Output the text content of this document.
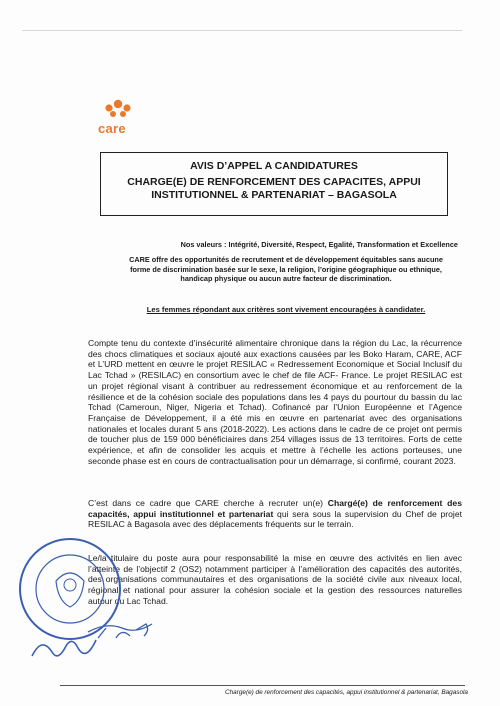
care
AVIS D’APPEL A CANDIDATURES
CHARGE(E) DE RENFORCEMENT DES CAPACITES, APPUI INSTITUTIONNEL & PARTENARIAT – BAGASOLA
Nos valeurs : Intégrité, Diversité, Respect, Egalité, Transformation et Excellence
CARE offre des opportunités de recrutement et de développement équitables sans aucune forme de discrimination basée sur le sexe, la religion, l’origine géographique ou ethnique, handicap physique ou aucun autre facteur de discrimination.
Les femmes répondant aux critères sont vivement encouragées à candidater.
Compte tenu du contexte d’insécurité alimentaire chronique dans la région du Lac, la récurrence des chocs climatiques et sociaux ajouté aux exactions causées par les Boko Haram, CARE, ACF et L’URD mettent en œuvre le projet RESILAC « Redressement Economique et Social Inclusif du Lac Tchad » (RESILAC) en consortium avec le chef de file ACF- France. Le projet RESILAC est un projet régional visant à contribuer au redressement économique et au renforcement de la résilience et de la cohésion sociale des populations dans les 4 pays du pourtour du bassin du lac Tchad (Cameroun, Niger, Nigeria et Tchad). Cofinancé par l’Union Européenne et l’Agence Française de Développement, il a été mis en œuvre en partenariat avec des organisations nationales et locales durant 5 ans (2018-2022). Les actions dans le cadre de ce projet ont permis de toucher plus de 159 000 bénéficiaires dans 254 villages issus de 13 territoires. Forts de cette expérience, et afin de consolider les acquis et mettre à l’échelle les actions porteuses, une seconde phase est en cours de contractualisation pour un démarrage, si confirmé, courant 2023.
C’est dans ce cadre que CARE cherche à recruter un(e) Chargé(e) de renforcement des capacités, appui institutionnel et partenariat qui sera sous la supervision du Chef de projet RESILAC à Bagasola avec des déplacements fréquents sur le terrain.
Le/la titulaire du poste aura pour responsabilité la mise en œuvre des activités en lien avec l’atteinte de l’objectif 2 (OS2) notamment participer à l’amélioration des capacités des autorités, des organisations communautaires et des organisations de la société civile aux niveaux local, régional et national pour assurer la cohésion sociale et la gestion des ressources naturelles autour du Lac Tchad.
Charge(e) de renforcement des capacités, appui institutionnel & partenariat, Bagasola
